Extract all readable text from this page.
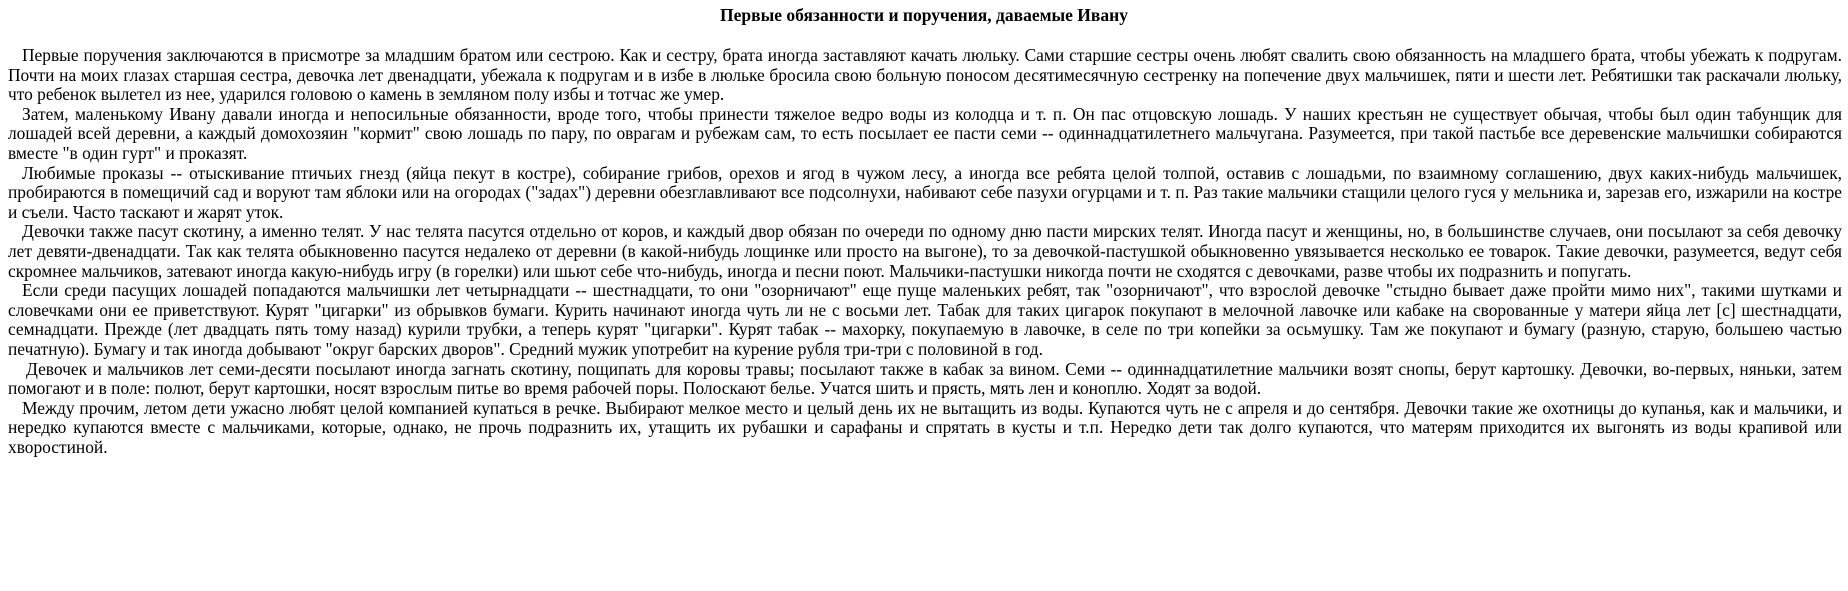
Первые обязанности и поручения, даваемые Ивану

Первые поручения заключаются в присмотре за младшим братом или сестрою. Как и сестру, брата иногда заставляют качать люльку. Сами старшие сестры очень любят свалить свою обязанность на младшего брата, чтобы убежать к подругам. Почти на моих глазах старшая сестра, девочка лет двенадцати, убежала к подругам и в избе в люльке бросила свою больную поносом десятимесячную сестренку на попечение двух мальчишек, пяти и шести лет. Ребятишки так раскачали люльку, что ребенок вылетел из нее, ударился головою о камень в земляном полу избы и тотчас же умер.

Затем, маленькому Ивану давали иногда и непосильные обязанности, вроде того, чтобы принести тяжелое ведро воды из колодца и т. п. Он пас отцовскую лошадь. У наших крестьян не существует обычая, чтобы был один табунщик для лошадей всей деревни, а каждый домохозяин "кормит" свою лошадь по пару, по оврагам и рубежам сам, то есть посылает ее пасти семи -- одиннадцатилетнего мальчугана. Разумеется, при такой пастьбе все деревенские мальчишки собираются вместе "в один гурт" и проказят.

Любимые проказы -- отыскивание птичьих гнезд (яйца пекут в костре), собирание грибов, орехов и ягод в чужом лесу, а иногда все ребята целой толпой, оставив с лошадьми, по взаимному соглашению, двух каких-нибудь мальчишек, пробираются в помещичий сад и воруют там яблоки или на огородах ("задах") деревни обезглавливают все подсолнухи, набивают себе пазухи огурцами и т. п. Раз такие мальчики стащили целого гуся у мельника и, зарезав его, изжарили на костре и съели. Часто таскают и жарят уток.

Девочки также пасут скотину, а именно телят. У нас телята пасутся отдельно от коров, и каждый двор обязан по очереди по одному дню пасти мирских телят. Иногда пасут и женщины, но, в большинстве случаев, они посылают за себя девочку лет девяти-двенадцати. Так как телята обыкновенно пасутся недалеко от деревни (в какой-нибудь лощинке или просто на выгоне), то за девочкой-пастушкой обыкновенно увязывается несколько ее товарок. Такие девочки, разумеется, ведут себя скромнее мальчиков, затевают иногда какую-нибудь игру (в горелки) или шьют себе что-нибудь, иногда и песни поют. Мальчики-пастушки никогда почти не сходятся с девочками, разве чтобы их подразнить и попугать.

Если среди пасущих лошадей попадаются мальчишки лет четырнадцати -- шестнадцати, то они "озорничают" еще пуще маленьких ребят, так "озорничают", что взрослой девочке "стыдно бывает даже пройти мимо них", такими шутками и словечками они ее приветствуют. Курят "цигарки" из обрывков бумаги. Курить начинают иногда чуть ли не с восьми лет. Табак для таких цигарок покупают в мелочной лавочке или кабаке на своровaнные у матери яйца лет [с] шестнадцати, семнадцати. Прежде (лет двадцать пять тому назад) курили трубки, а теперь курят "цигарки". Курят табак -- махорку, покупаемую в лавочке, в селе по три копейки за осьмушку. Там же покупают и бумагу (разную, старую, большею частью печатную). Бумагу и так иногда добывают "округ барских дворов". Средний мужик употребит на курение рубля три-три с половиной в год.

Девочек и мальчиков лет семи-десяти посылают иногда загнать скотину, пощипать для коровы травы; посылают также в кабак за вином. Семи -- одиннадцатилетние мальчики возят снопы, берут картошку. Девочки, во-первых, няньки, затем помогают и в поле: полют, берут картошки, носят взрослым питье во время рабочей поры. Полоскают белье. Учатся шить и прясть, мять лен и коноплю. Ходят за водой.

Между прочим, летом дети ужасно любят целой компанией купаться в речке. Выбирают мелкое место и целый день их не вытащить из воды. Купаются чуть не с апреля и до сентября. Девочки такие же охотницы до купанья, как и мальчики, и нередко купаются вместе с мальчиками, которые, однако, не прочь подразнить их, утащить их рубашки и сарафаны и спрятать в кусты и т.п. Нередко дети так долго купаются, что матерям приходится их выгонять из воды крапивой или хворостиной.
